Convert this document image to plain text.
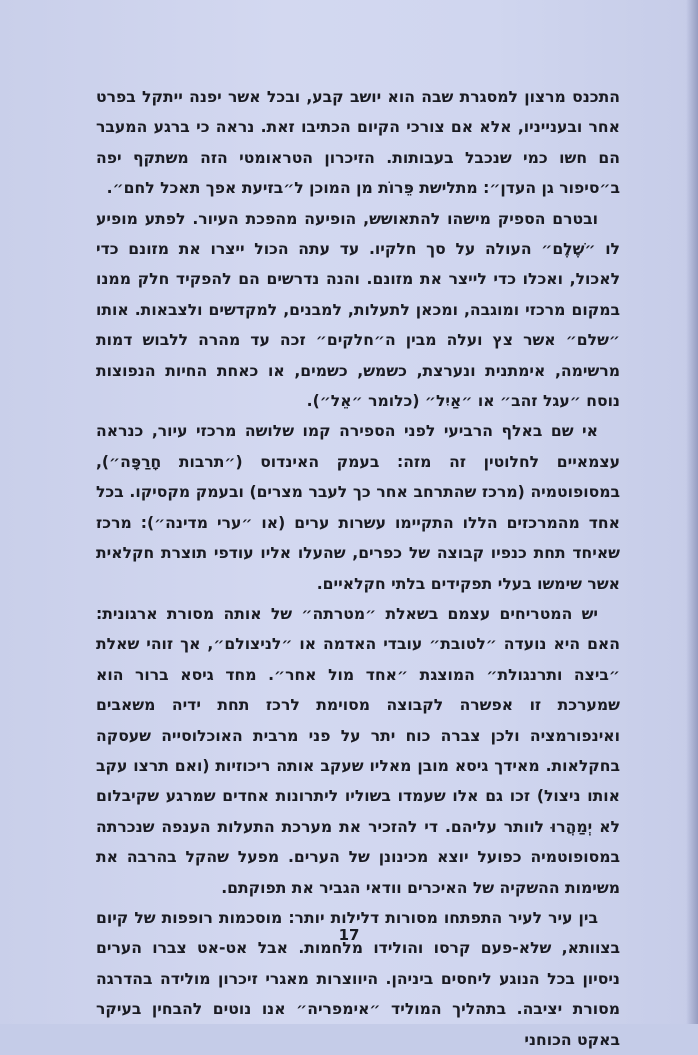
התכנס מרצון למסגרת שבה הוא יושב קבע, ובכל אשר יפנה ייתקל בפרט אחר ובענייניו, אלא אם צורכי הקיום הכתיבו זאת. נראה כי ברגע המעבר הם חשו כמי שנכבל בעבותות. הזיכרון הטראומטי הזה משתקף יפה ב״סיפור גן העדן״: מתלישת פֵּרוֹת מן המוכן ל״בזיעת אפך תאכל לחם״.

ובטרם הספיק מישהו להתאושש, הופיעה מהפכת העיור. לפתע מופיע לו ״שֶׁלֶם״ העולה על סך חלקיו. עד עתה הכול ייצרו את מזונם כדי לאכול, ואכלו כדי לייצר את מזונם. והנה נדרשים הם להפקיד חלק ממנו במקום מרכזי ומוגבה, ומכאן לתעלות, למבנים, למקדשים ולצבאות. אותו ״שלם״ אשר צץ ועלה מבין ה״חלקים״ זכה עד מהרה ללבוש דמות מרשימה, אימתנית ונערצת, כשמש, כשמים, או כאחת החיות הנפוצות נוסח ״עגל זהב״ או ״אַיִל״ (כלומר ״אֵל״).

אי שם באלף הרביעי לפני הספירה קמו שלושה מרכזי עיור, כנראה עצמאיים לחלוטין זה מזה: בעמק האינדוס (״תרבות חָרַפָּה״), במסופוטמיה (מרכז שהתרחב אחר כך לעבר מצרים) ובעמק מקסיקו. בכל אחד מהמרכזים הללו התקיימו עשרות ערים (או ״ערי מדינה״): מרכז שאיחד תחת כנפיו קבוצה של כפרים, שהעלו אליו עודפי תוצרת חקלאית אשר שימשו בעלי תפקידים בלתי חקלאיים.

יש המטריחים עצמם בשאלת ״מטרתה״ של אותה מסורת ארגונית: האם היא נועדה ״לטובת״ עובדי האדמה או ״לניצולם״, אך זוהי שאלת ״ביצה ותרנגולת״ המוצגת ״אחד מול אחר״. מחד גיסא ברור הוא שמערכת זו אפשרה לקבוצה מסוימת לרכז תחת ידיה משאבים ואינפורמציה ולכן צברה כוח יתר על פני מרבית האוכלוסייה שעסקה בחקלאות. מאידך גיסא מובן מאליו שעקב אותה ריכוזיות (ואם תרצו עקב אותו ניצול) זכו גם אלו שעמדו בשוליו ליתרונות אחדים שמרגע שקיבלום לא יְמַהֲרוּ לוותר עליהם. די להזכיר את מערכת התעלות הענפה שנכרתה במסופוטמיה כפועל יוצא מכינונן של הערים. מפעל שהקל בהרבה את משימות ההשקיה של האיכרים וודאי הגביר את תפוקתם.

בין עיר לעיר התפתחו מסורות דלילות יותר: מוסכמות רופפות של קיום בצוותא, שלא-פעם קרסו והולידו מלחמות. אבל אט-אט צברו הערים ניסיון בכל הנוגע ליחסים ביניהן. היווצרות מאגרי זיכרון מולידה בהדרגה מסורת יציבה. בתהליך המוליד ״אימפריה״ אנו נוטים להבחין בעיקר באקט הכוחני

17
